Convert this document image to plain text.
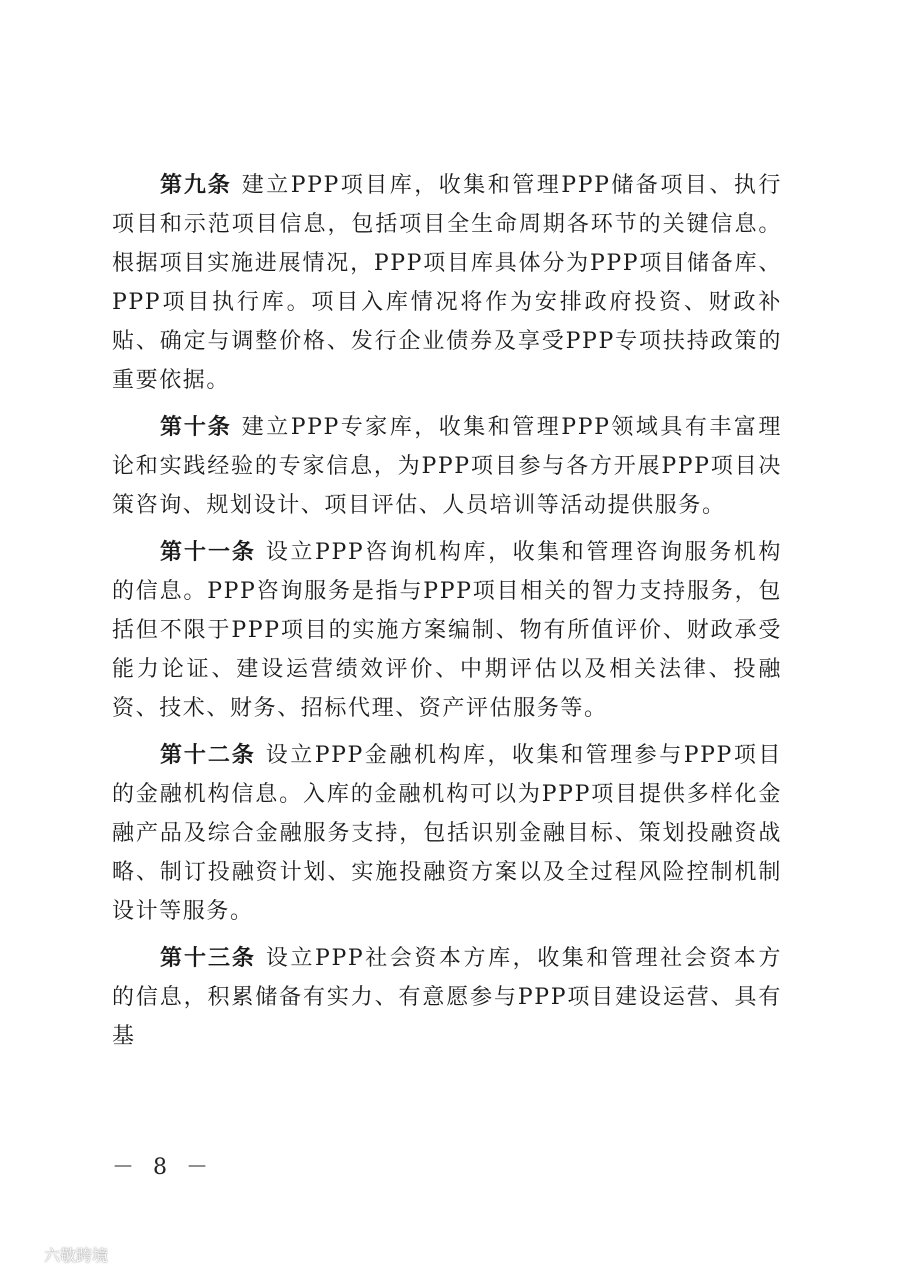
第九条 建立PPP项目库，收集和管理PPP储备项目、执行项目和示范项目信息，包括项目全生命周期各环节的关键信息。根据项目实施进展情况，PPP项目库具体分为PPP项目储备库、PPP项目执行库。项目入库情况将作为安排政府投资、财政补贴、确定与调整价格、发行企业债券及享受PPP专项扶持政策的重要依据。

第十条 建立PPP专家库，收集和管理PPP领域具有丰富理论和实践经验的专家信息，为PPP项目参与各方开展PPP项目决策咨询、规划设计、项目评估、人员培训等活动提供服务。

第十一条 设立PPP咨询机构库，收集和管理咨询服务机构的信息。PPP咨询服务是指与PPP项目相关的智力支持服务，包括但不限于PPP项目的实施方案编制、物有所值评价、财政承受能力论证、建设运营绩效评价、中期评估以及相关法律、投融资、技术、财务、招标代理、资产评估服务等。

第十二条 设立PPP金融机构库，收集和管理参与PPP项目的金融机构信息。入库的金融机构可以为PPP项目提供多样化金融产品及综合金融服务支持，包括识别金融目标、策划投融资战略、制订投融资计划、实施投融资方案以及全过程风险控制机制设计等服务。

第十三条 设立PPP社会资本方库，收集和管理社会资本方的信息，积累储备有实力、有意愿参与PPP项目建设运营、具有基

－ 8 －
六敬跨境
